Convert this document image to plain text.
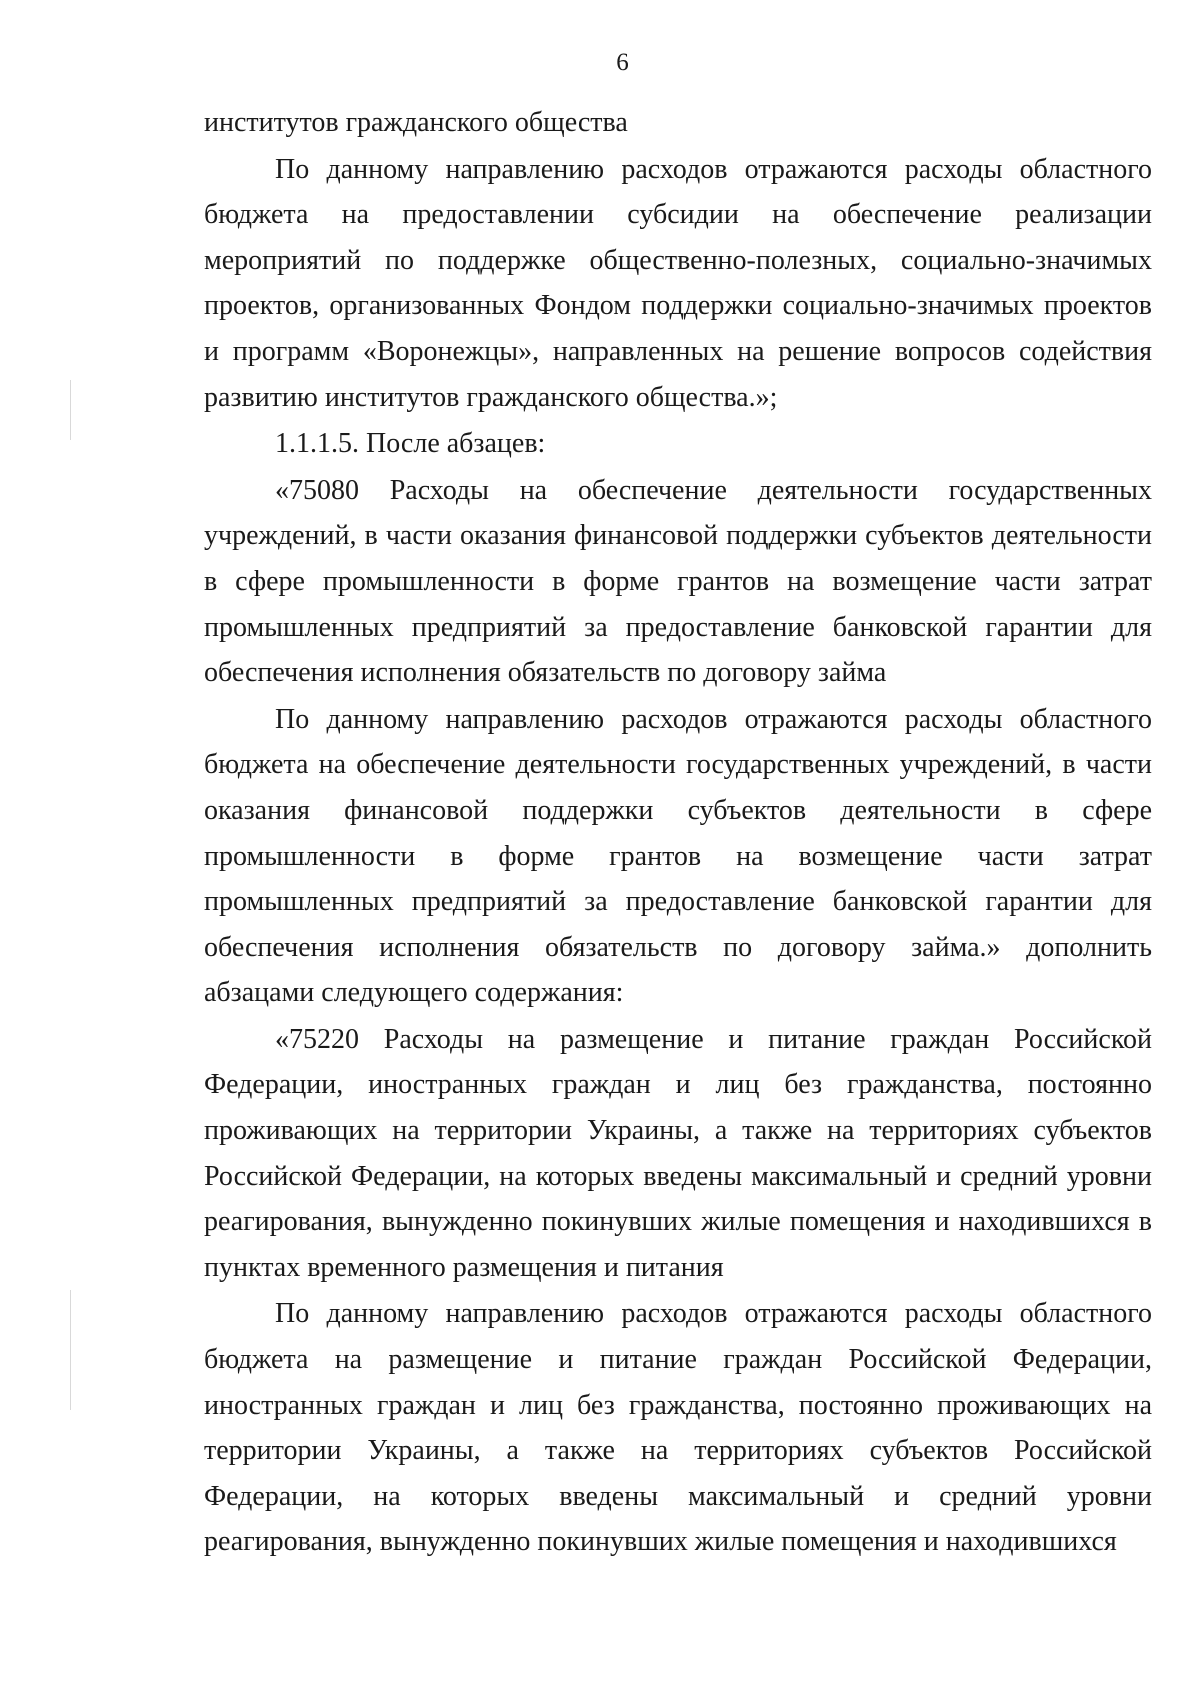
6

институтов гражданского общества

По данному направлению расходов отражаются расходы областного бюджета на предоставлении субсидии на обеспечение реализации мероприятий по поддержке общественно-полезных, социально-значимых проектов, организованных Фондом поддержки социально-значимых проектов и программ «Воронежцы», направленных на решение вопросов содействия развитию институтов гражданского общества.»;

1.1.1.5. После абзацев:

«75080 Расходы на обеспечение деятельности государственных учреждений, в части оказания финансовой поддержки субъектов деятельности в сфере промышленности в форме грантов на возмещение части затрат промышленных предприятий за предоставление банковской гарантии для обеспечения исполнения обязательств по договору займа

По данному направлению расходов отражаются расходы областного бюджета на обеспечение деятельности государственных учреждений, в части оказания финансовой поддержки субъектов деятельности в сфере промышленности в форме грантов на возмещение части затрат промышленных предприятий за предоставление банковской гарантии для обеспечения исполнения обязательств по договору займа.» дополнить абзацами следующего содержания:

«75220 Расходы на размещение и питание граждан Российской Федерации, иностранных граждан и лиц без гражданства, постоянно проживающих на территории Украины, а также на территориях субъектов Российской Федерации, на которых введены максимальный и средний уровни реагирования, вынужденно покинувших жилые помещения и находившихся в пунктах временного размещения и питания

По данному направлению расходов отражаются расходы областного бюджета на размещение и питание граждан Российской Федерации, иностранных граждан и лиц без гражданства, постоянно проживающих на территории Украины, а также на территориях субъектов Российской Федерации, на которых введены максимальный и средний уровни реагирования, вынужденно покинувших жилые помещения и находившихся
